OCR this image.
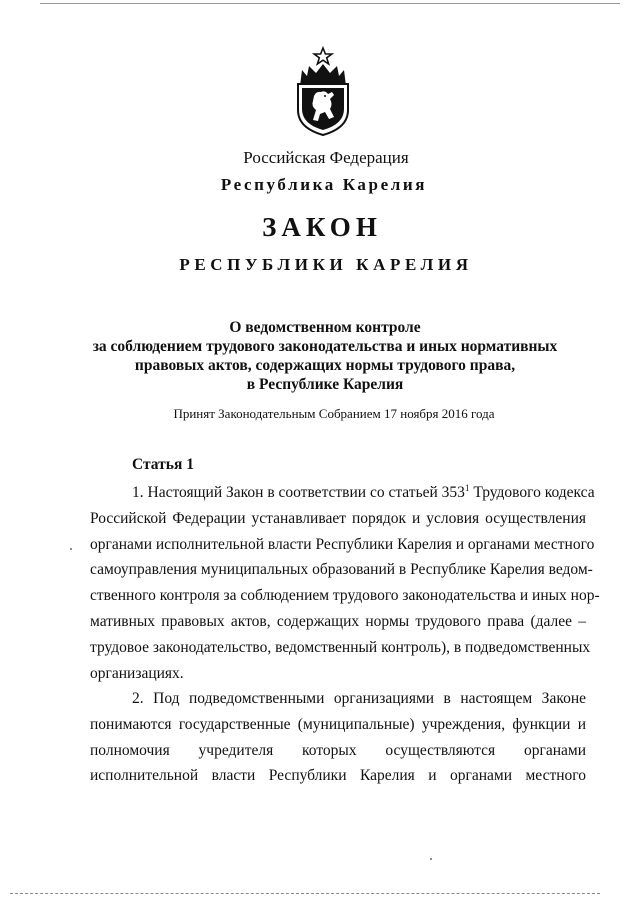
Российская Федерация
Республика Карелия
ЗАКОН
РЕСПУБЛИКИ КАРЕЛИЯ
О ведомственном контроле
за соблюдением трудового законодательства и иных нормативных
правовых актов, содержащих нормы трудового права,
в Республике Карелия
Принят Законодательным Собранием 17 ноября 2016 года
Статья 1
1. Настоящий Закон в соответствии со статьей $353^1$ Трудового кодекса
Российской Федерации устанавливает порядок и условия осуществления
органами исполнительной власти Республики Карелия и органами местного
самоуправления муниципальных образований в Республике Карелия ведом-
ственного контроля за соблюдением трудового законодательства и иных нор-
мативных правовых актов, содержащих нормы трудового права (далее –
трудовое законодательство, ведомственный контроль), в подведомственных
организациях.
2. Под подведомственными организациями в настоящем Законе
понимаются государственные (муниципальные) учреждения, функции и
полномочия учредителя которых осуществляются органами
исполнительной власти Республики Карелия и органами местного
